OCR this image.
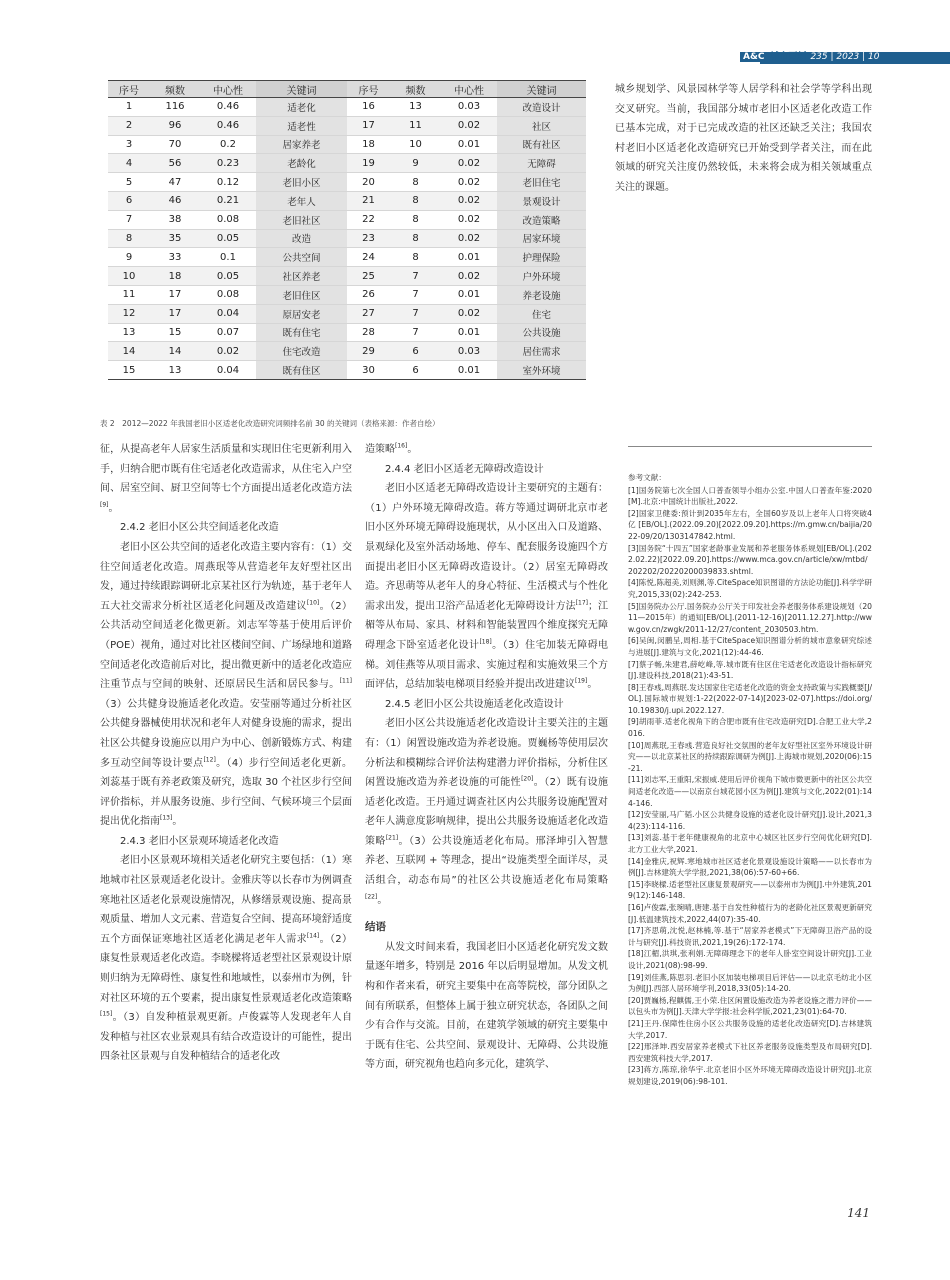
A&C 城市更新 235 | 2023 | 10
序号	频数	中心性	关键词	序号	频数	中心性	关键词
1	116	0.46	适老化	16	13	0.03	改造设计
2	96	0.46	适老性	17	11	0.02	社区
3	70	0.2	居家养老	18	10	0.01	既有社区
4	56	0.23	老龄化	19	9	0.02	无障碍
5	47	0.12	老旧小区	20	8	0.02	老旧住宅
6	46	0.21	老年人	21	8	0.02	景观设计
7	38	0.08	老旧社区	22	8	0.02	改造策略
8	35	0.05	改造	23	8	0.02	居家环境
9	33	0.1	公共空间	24	8	0.01	护理保险
10	18	0.05	社区养老	25	7	0.02	户外环境
11	17	0.08	老旧住区	26	7	0.01	养老设施
12	17	0.04	原居安老	27	7	0.02	住宅
13	15	0.07	既有住宅	28	7	0.01	公共设施
14	14	0.02	住宅改造	29	6	0.03	居住需求
15	13	0.04	既有住区	30	6	0.01	室外环境
表 2　2012—2022 年我国老旧小区适老化改造研究词频排名前 30 的关键词（表格来源：作者自绘）

城乡规划学、风景园林学等人居学科和社会学等学科出现交叉研究。当前，我国部分城市老旧小区适老化改造工作已基本完成，对于已完成改造的社区还缺乏关注；我国农村老旧小区适老化改造研究已开始受到学者关注，而在此领域的研究关注度仍然较低，未来将会成为相关领域重点关注的课题。

征，从提高老年人居家生活质量和实现旧住宅更新利用入手，归纳合肥市既有住宅适老化改造需求，从住宅入户空间、居室空间、厨卫空间等七个方面提出适老化改造方法[9]。

2.4.2 老旧小区公共空间适老化改造

老旧小区公共空间的适老化改造主要内容有：（1）交往空间适老化改造。周燕珉等从营造老年友好型社区出发，通过持续跟踪调研北京某社区行为轨迹，基于老年人五大社交需求分析社区适老化问题及改造建议[10]。（2）公共活动空间适老化微更新。刘志军等基于使用后评价（POE）视角，通过对比社区楼间空间、广场绿地和道路空间适老化改造前后对比，提出微更新中的适老化改造应注重节点与空间的映射、还原居民生活和居民参与。[11]（3）公共健身设施适老化改造。安莹丽等通过分析社区公共健身器械使用状况和老年人对健身设施的需求，提出社区公共健身设施应以用户为中心、创新锻炼方式、构建多互动空间等设计要点[12]。（4）步行空间适老化更新。刘蕊基于既有养老政策及研究，选取 30 个社区步行空间评价指标，并从服务设施、步行空间、气候环境三个层面提出优化指南[13]。

2.4.3 老旧小区景观环境适老化改造

老旧小区景观环境相关适老化研究主要包括：（1）寒地城市社区景观适老化设计。金雅庆等以长春市为例调查寒地社区适老化景观设施情况，从修缮景观设施、提高景观质量、增加人文元素、营造复合空间、提高环境舒适度五个方面保证寒地社区适老化满足老年人需求[14]。（2）康复性景观适老化改造。李晓樑将适老型社区景观设计原则归纳为无障碍性、康复性和地域性，以泰州市为例，针对社区环境的五个要素，提出康复性景观适老化改造策略[15]。（3）自发种植景观更新。卢俊霖等人发现老年人自发种植与社区农业景观具有结合改造设计的可能性，提出四条社区景观与自发种植结合的适老化改

造策略[16]。

2.4.4 老旧小区适老无障碍改造设计

老旧小区适老无障碍改造设计主要研究的主题有：（1）户外环境无障碍改造。蒋方等通过调研北京市老旧小区外环境无障碍设施现状，从小区出入口及道路、景观绿化及室外活动场地、停车、配套服务设施四个方面提出老旧小区无障碍改造设计。（2）居室无障碍改造。齐思萌等从老年人的身心特征、生活模式与个性化需求出发，提出卫浴产品适老化无障碍设计方法[17]；江楣等从布局、家具、材料和智能装置四个维度探究无障碍理念下卧室适老化设计[18]。（3）住宅加装无障碍电梯。刘佳燕等从项目需求、实施过程和实施效果三个方面评估，总结加装电梯项目经验并提出改进建议[19]。

2.4.5 老旧小区公共设施适老化改造设计

老旧小区公共设施适老化改造设计主要关注的主题有：（1）闲置设施改造为养老设施。贾巍杨等使用层次分析法和模糊综合评价法构建潜力评价指标，分析住区闲置设施改造为养老设施的可能性[20]。（2）既有设施适老化改造。王丹通过调查社区内公共服务设施配置对老年人满意度影响规律，提出公共服务设施适老化改造策略[21]。（3）公共设施适老化布局。邢泽坤引入智慧养老、互联网 + 等理念，提出“设施类型全面详尽，灵活组合，动态布局”的社区公共设施适老化布局策略[22]。

结语

从发文时间来看，我国老旧小区适老化研究发文数量逐年增多，特别是 2016 年以后明显增加。从发文机构和作者来看，研究主要集中在高等院校，部分团队之间有所联系，但整体上属于独立研究状态，各团队之间少有合作与交流。目前，在建筑学领域的研究主要集中于既有住宅、公共空间、景观设计、无障碍、公共设施等方面，研究视角也趋向多元化，建筑学、

参考文献：

[1]国务院第七次全国人口普查领导小组办公室.中国人口普查年鉴:2020[M].北京:中国统计出版社,2022.

[2]国家卫健委:预计到2035年左右，全国60岁及以上老年人口将突破4亿[EB/OL].(2022.09.20)[2022.09.20].https://m.gmw.cn/baijia/2022-09/20/1303147842.html.

[3]国务院“十四五”国家老龄事业发展和养老服务体系规划[EB/OL].(2022.02.22)[2022.09.20].https://www.mca.gov.cn/article/xw/mtbd/202202/20220200039833.shtml.

[4]陈悦,陈超美,刘则渊,等.CiteSpace知识图谱的方法论功能[J].科学学研究,2015,33(02):242-253.

[5]国务院办公厅.国务院办公厅关于印发社会养老服务体系建设规划（2011—2015年）的通知[EB/OL].(2011-12-16)[2011.12.27].http://www.gov.cn/zwgk/2011-12/27/content_2030503.htm.

[6]吴闽,闵鹏呈,周相.基于CiteSpace知识图谱分析的城市意象研究综述与进展[J].建筑与文化,2021(12):44-46.

[7]蔡子畅,朱建君,薛屹峰,等.城市既有住区住宅适老化改造设计指标研究[J].建设科技,2018(21):43-51.

[8]王春彧,周燕珉.发达国家住宅适老化改造的资金支持政策与实践概要[J/OL].国际城市规划:1-22(2022-07-14)[2023-02-07].https://doi.org/10.19830/j.upi.2022.127.

[9]胡雨菲.适老化视角下的合肥市既有住宅改造研究[D].合肥工业大学,2016.

[10]周燕珉,王春彧.营造良好社交氛围的老年友好型社区室外环境设计研究——以北京某社区的持续跟踪调研为例[J].上海城市规划,2020(06):15-21.

[11]刘志军,王重阳,宋振威.使用后评价视角下城市微更新中的社区公共空间适老化改造——以南京台城花园小区为例[J].建筑与文化,2022(01):144-146.

[12]安莹丽,马广韬.小区公共健身设施的适老化设计研究[J].设计,2021,34(23):114-116.

[13]刘蕊.基于老年健康视角的北京中心城区社区步行空间优化研究[D].北方工业大学,2021.

[14]金雅庆,祝辉.寒地城市社区适老化景观设施设计策略——以长春市为例[J].吉林建筑大学学报,2021,38(06):57-60+66.

[15]李晓樑.适老型社区康复景观研究——以泰州市为例[J].中外建筑,2019(12):146-148.

[16]卢俊霖,张琬晴,唐建.基于自发性种植行为的老龄化社区景观更新研究[J].低温建筑技术,2022,44(07):35-40.

[17]齐思萌,沈悦,赵林楠,等.基于“居家养老模式”下无障碍卫浴产品的设计与研究[J].科技资讯,2021,19(26):172-174.

[18]江楣,洪琪,张利娟.无障碍理念下的老年人卧室空间设计研究[J].工业设计,2021(08):98-99.

[19]刘佳燕,陈思羽.老旧小区加装电梯项目后评估——以北京毛纺北小区为例[J].西部人居环境学刊,2018,33(05):14-20.

[20]贾巍杨,程麒儒,王小荣.住区闲置设施改造为养老设施之潜力评价——以包头市为例[J].天津大学学报:社会科学版,2021,23(01):64-70.

[21]王丹.保障性住房小区公共服务设施的适老化改造研究[D].吉林建筑大学,2017.

[22]邢泽坤.西安居家养老模式下社区养老服务设施类型及布局研究[D].西安建筑科技大学,2017.

[23]蒋方,陈琼,徐华宇.北京老旧小区外环境无障碍改造设计研究[J].北京规划建设,2019(06):98-101.

141
